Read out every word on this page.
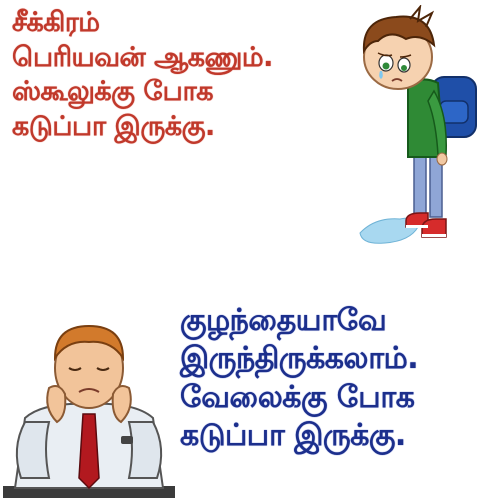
சீக்கிரம்
பெரியவன் ஆகணும்.
ஸ்கூலுக்கு போக
கடுப்பா இருக்கு.
குழந்தையாவே
இருந்திருக்கலாம்.
வேலைக்கு போக
கடுப்பா இருக்கு.
